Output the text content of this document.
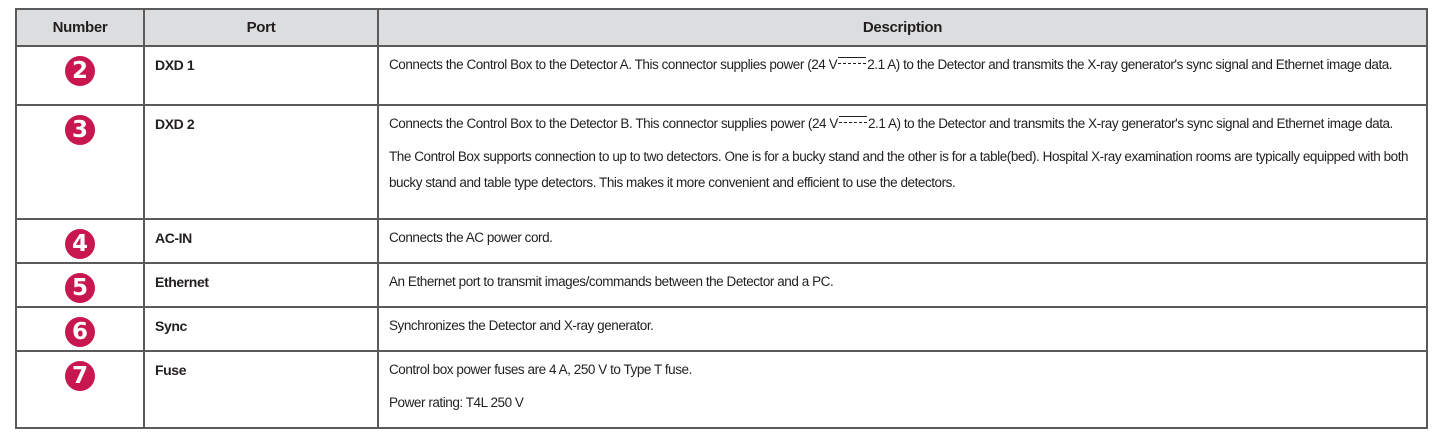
Number	Port	Description
2	DXD 1	Connects the Control Box to the Detector A. This connector supplies power (24 V 2.1 A) to the Detector and transmits the X-ray generator's sync signal and Ethernet image data.

3	DXD 2	Connects the Control Box to the Detector B. This connector supplies power (24 V 2.1 A) to the Detector and transmits the X-ray generator's sync signal and Ethernet image data.

The Control Box supports connection to up to two detectors. One is for a bucky stand and the other is for a table(bed). Hospital X-ray examination rooms are typically equipped with both bucky stand and table type detectors. This makes it more convenient and efficient to use the detectors.

4	AC-IN	Connects the AC power cord.

5	Ethernet	An Ethernet port to transmit images/commands between the Detector and a PC.

6	Sync	Synchronizes the Detector and X-ray generator.

7	Fuse	Control box power fuses are 4 A, 250 V to Type T fuse.

Power rating: T4L 250 V
